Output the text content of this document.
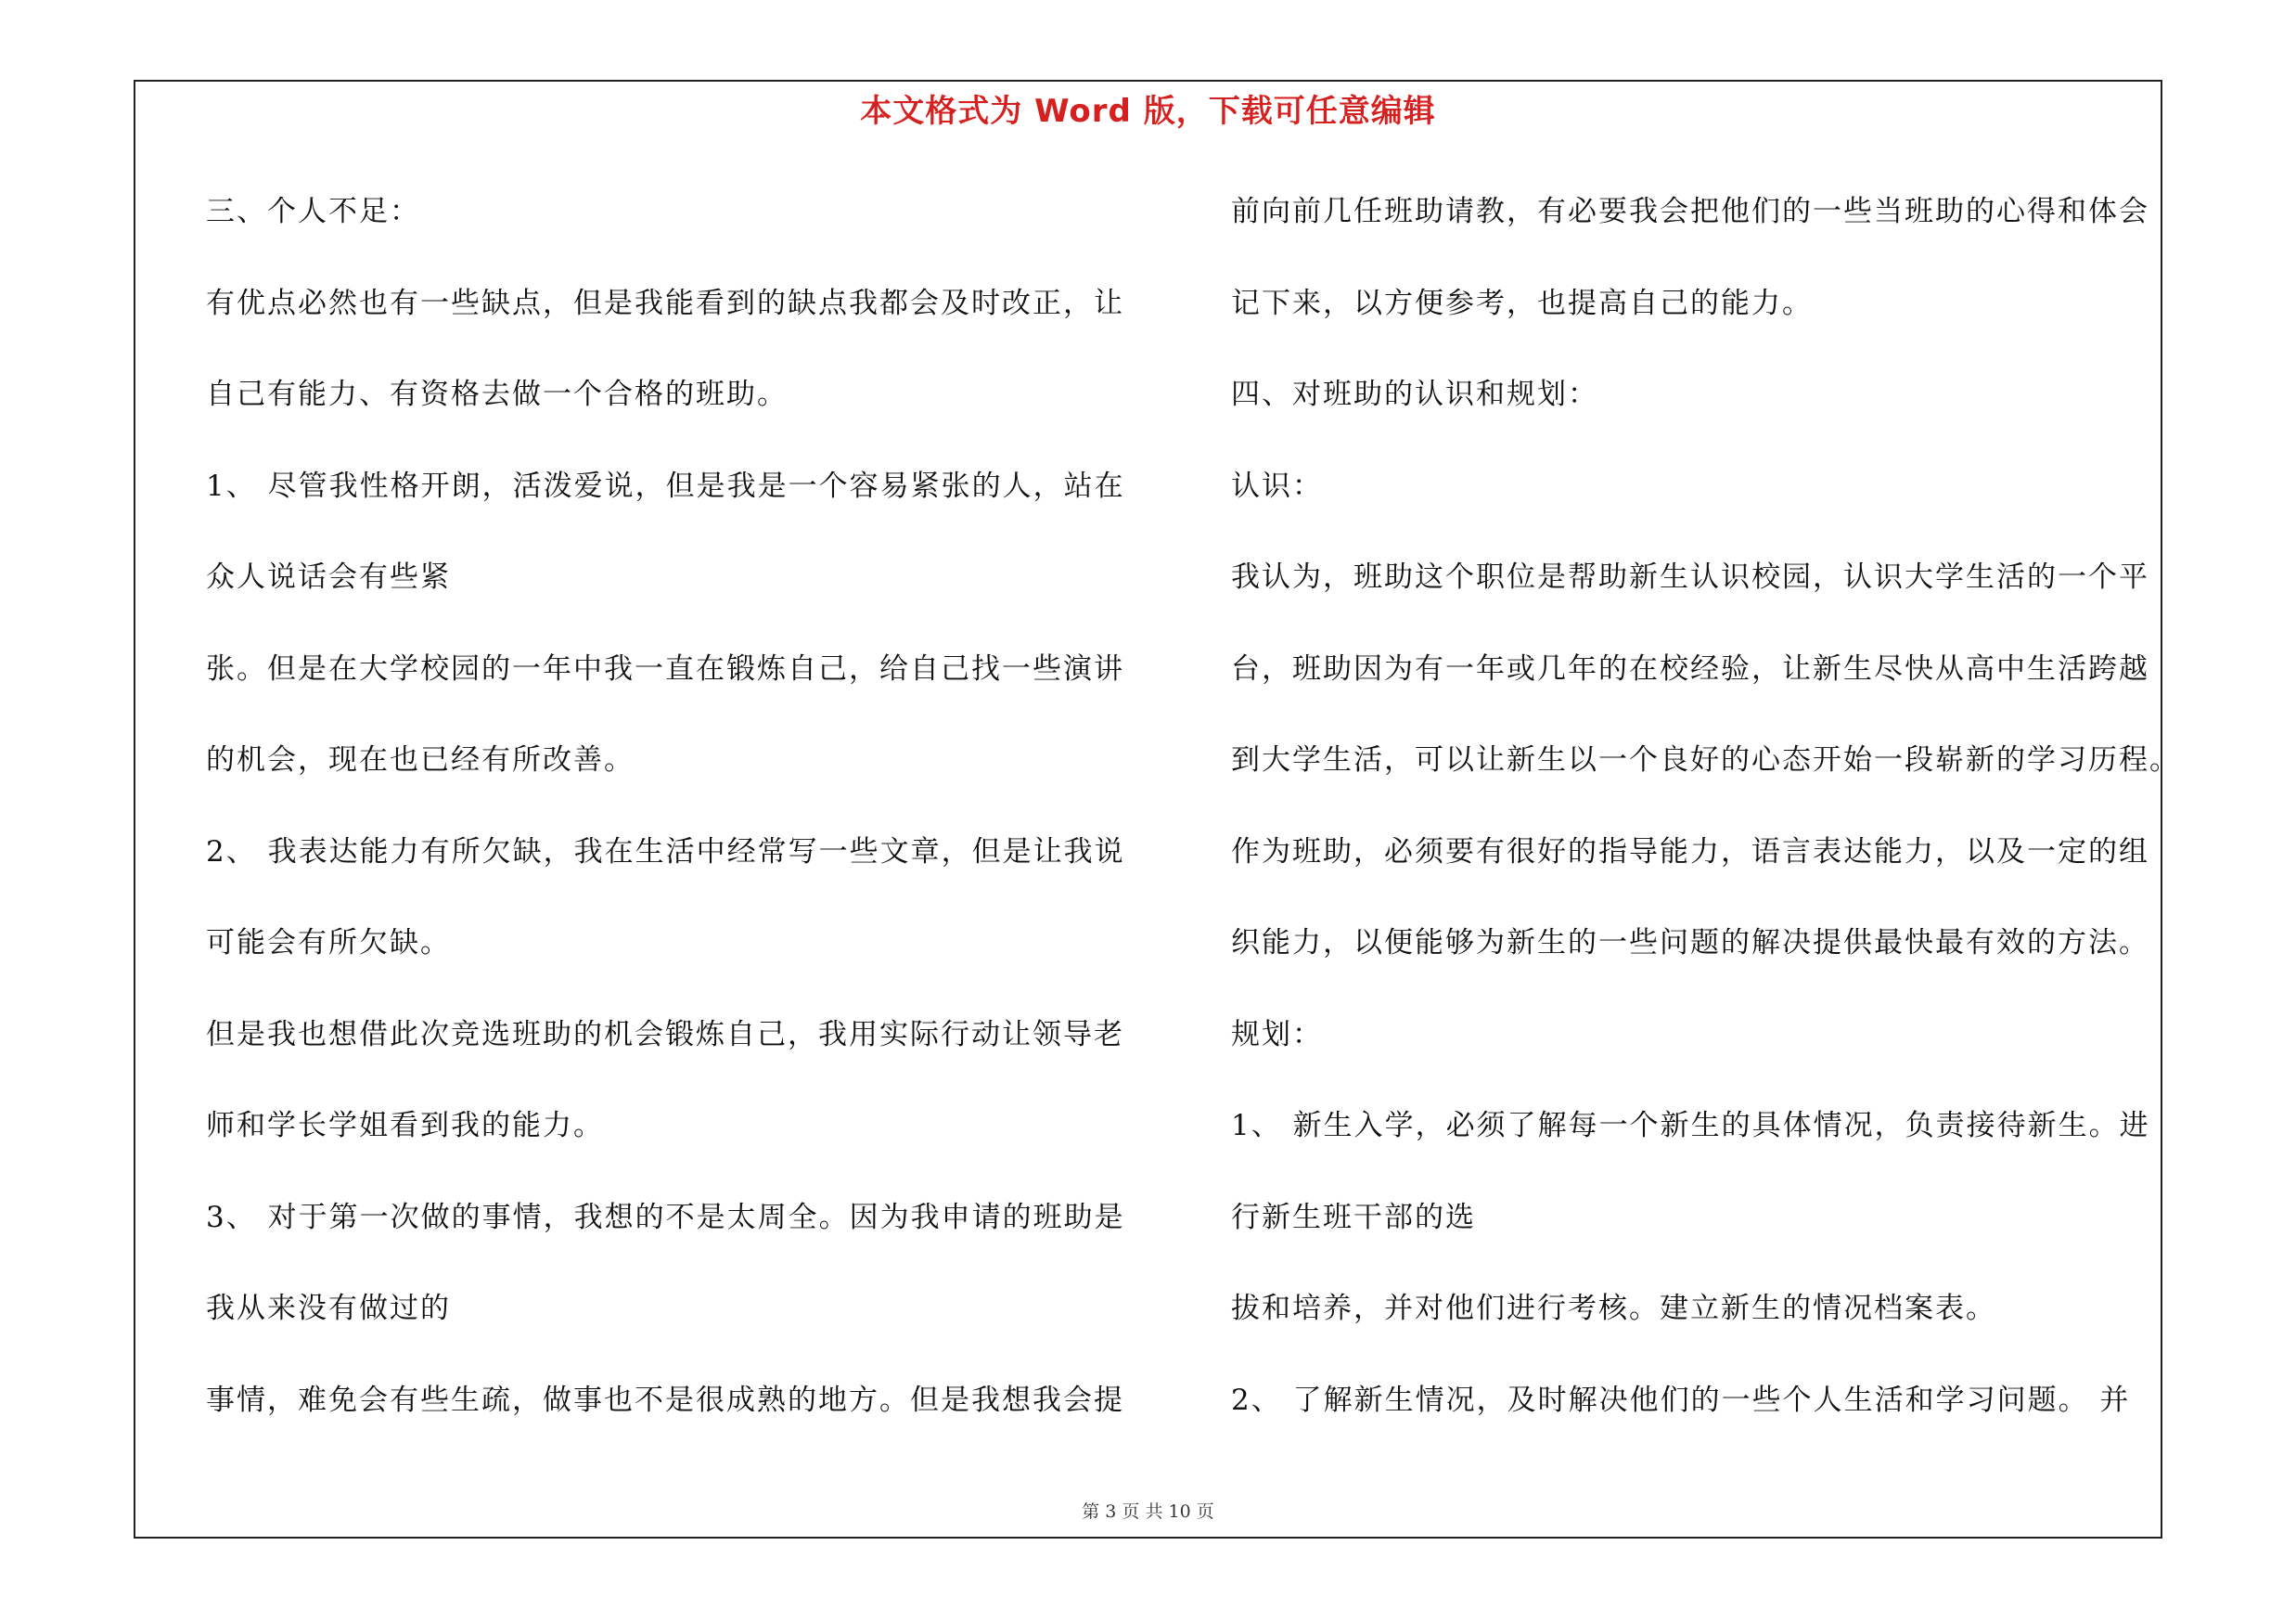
本文格式为 Word 版，下载可任意编辑
三、个人不足：
有优点必然也有一些缺点，但是我能看到的缺点我都会及时改正，让
自己有能力、有资格去做一个合格的班助。
1、 尽管我性格开朗，活泼爱说，但是我是一个容易紧张的人，站在
众人说话会有些紧
张。但是在大学校园的一年中我一直在锻炼自己，给自己找一些演讲
的机会，现在也已经有所改善。
2、 我表达能力有所欠缺，我在生活中经常写一些文章，但是让我说
可能会有所欠缺。
但是我也想借此次竞选班助的机会锻炼自己，我用实际行动让领导老
师和学长学姐看到我的能力。
3、 对于第一次做的事情，我想的不是太周全。因为我申请的班助是
我从来没有做过的
事情，难免会有些生疏，做事也不是很成熟的地方。但是我想我会提
前向前几任班助请教，有必要我会把他们的一些当班助的心得和体会
记下来，以方便参考，也提高自己的能力。
四、对班助的认识和规划：
认识：
我认为，班助这个职位是帮助新生认识校园，认识大学生活的一个平
台，班助因为有一年或几年的在校经验，让新生尽快从高中生活跨越
到大学生活，可以让新生以一个良好的心态开始一段崭新的学习历程。
作为班助，必须要有很好的指导能力，语言表达能力，以及一定的组
织能力，以便能够为新生的一些问题的解决提供最快最有效的方法。
规划：
1、 新生入学，必须了解每一个新生的具体情况，负责接待新生。进
行新生班干部的选
拔和培养，并对他们进行考核。建立新生的情况档案表。
2、 了解新生情况，及时解决他们的一些个人生活和学习问题。 并
第 3 页 共 10 页
